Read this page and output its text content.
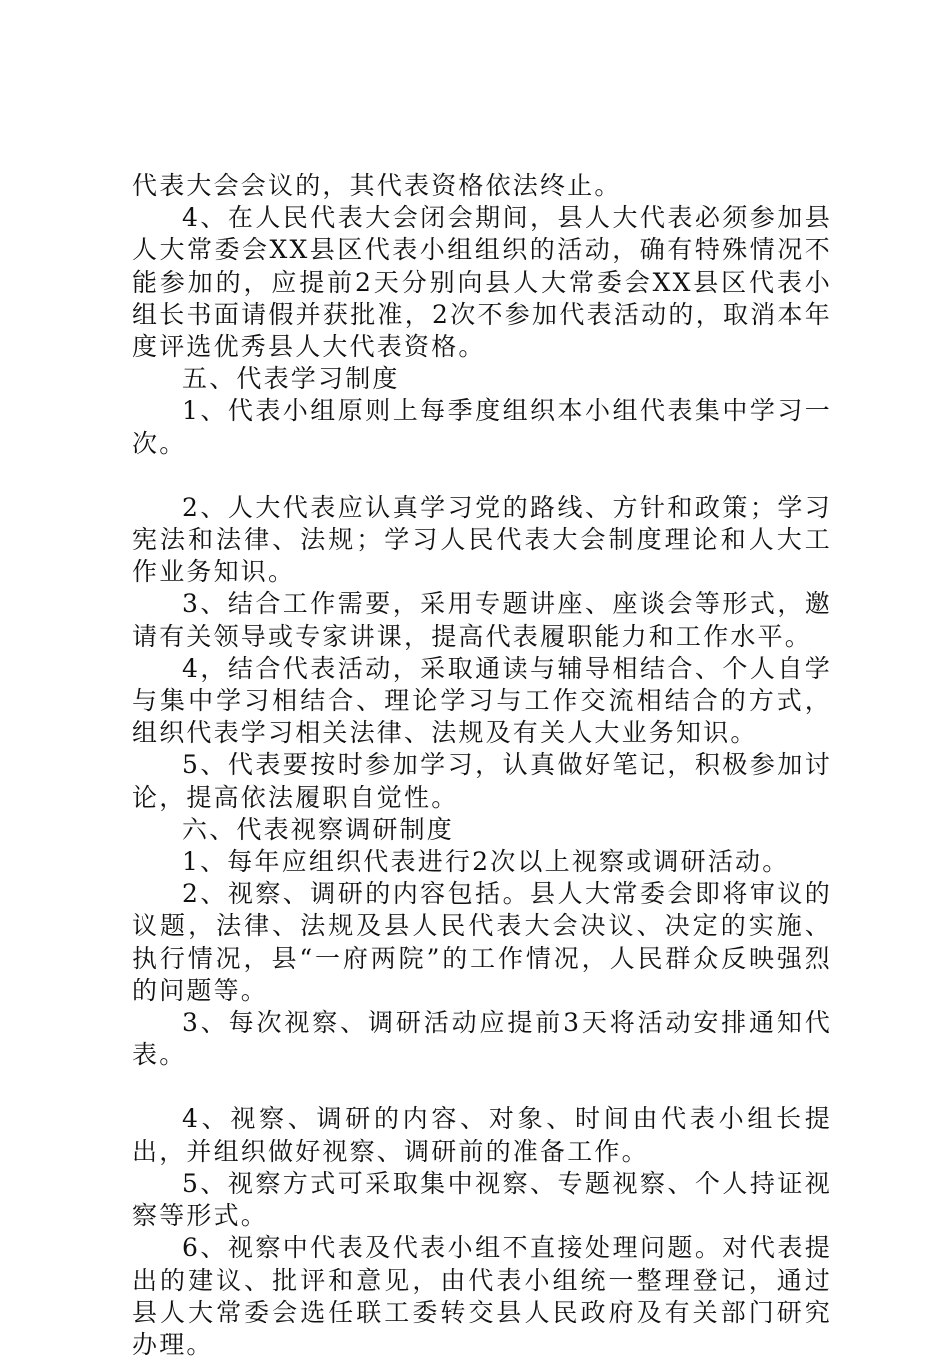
代表大会会议的，其代表资格依法终止。

4、在人民代表大会闭会期间，县人大代表必须参加县人大常委会XX县区代表小组组织的活动，确有特殊情况不能参加的，应提前2天分别向县人大常委会XX县区代表小组长书面请假并获批准，2次不参加代表活动的，取消本年度评选优秀县人大代表资格。

五、代表学习制度

1、代表小组原则上每季度组织本小组代表集中学习一次。

2、人大代表应认真学习党的路线、方针和政策；学习宪法和法律、法规；学习人民代表大会制度理论和人大工作业务知识。

3、结合工作需要，采用专题讲座、座谈会等形式，邀请有关领导或专家讲课，提高代表履职能力和工作水平。

4，结合代表活动，采取通读与辅导相结合、个人自学与集中学习相结合、理论学习与工作交流相结合的方式，组织代表学习相关法律、法规及有关人大业务知识。

5、代表要按时参加学习，认真做好笔记，积极参加讨论，提高依法履职自觉性。

六、代表视察调研制度

1、每年应组织代表进行2次以上视察或调研活动。

2、视察、调研的内容包括。县人大常委会即将审议的议题，法律、法规及县人民代表大会决议、决定的实施、执行情况，县“一府两院”的工作情况，人民群众反映强烈的问题等。

3、每次视察、调研活动应提前3天将活动安排通知代表。

4、视察、调研的内容、对象、时间由代表小组长提出，并组织做好视察、调研前的准备工作。

5、视察方式可采取集中视察、专题视察、个人持证视察等形式。

6、视察中代表及代表小组不直接处理问题。对代表提出的建议、批评和意见，由代表小组统一整理登记，通过县人大常委会选任联工委转交县人民政府及有关部门研究办理。
